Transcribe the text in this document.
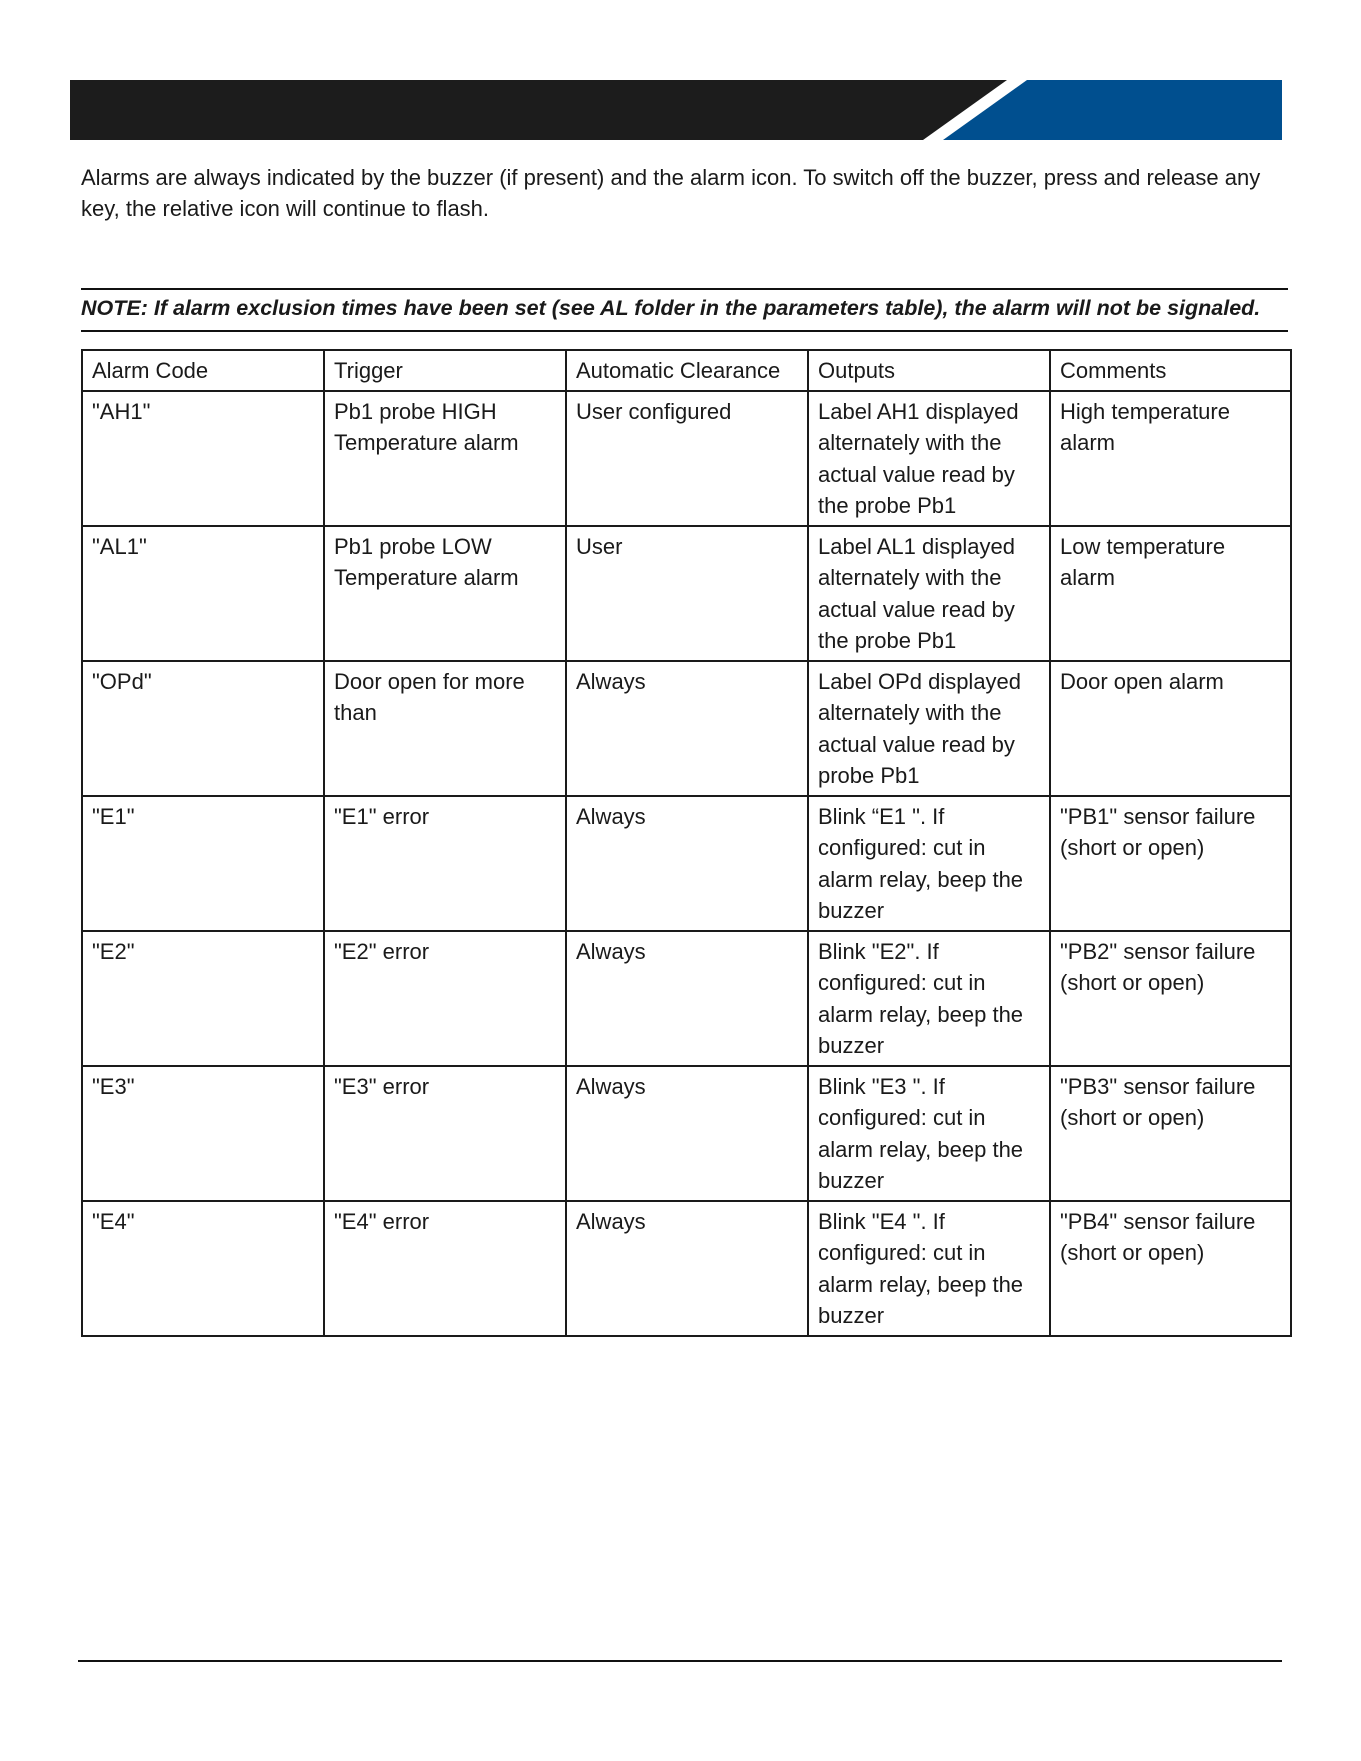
Alarms are always indicated by the buzzer (if present) and the alarm icon. To switch off the buzzer, press and release any key, the relative icon will continue to flash.
NOTE: If alarm exclusion times have been set (see AL folder in the parameters table), the alarm will not be signaled.
Alarm Code	Trigger	Automatic Clearance	Outputs	Comments
"AH1"	Pb1 probe HIGH Temperature alarm	User configured	Label AH1 displayed alternately with the actual value read by the probe Pb1	High temperature alarm
"AL1"	Pb1 probe LOW Temperature alarm	User	Label AL1 displayed alternately with the actual value read by the probe Pb1	Low temperature alarm
"OPd"	Door open for more than	Always	Label OPd displayed alternately with the actual value read by probe Pb1	Door open alarm
"E1"	"E1" error	Always	Blink “E1 ". If configured: cut in alarm relay, beep the buzzer	"PB1" sensor failure (short or open)
"E2"	"E2" error	Always	Blink "E2". If configured: cut in alarm relay, beep the buzzer	"PB2" sensor failure (short or open)
"E3"	"E3" error	Always	Blink "E3 ". If configured: cut in alarm relay, beep the buzzer	"PB3" sensor failure (short or open)
"E4"	"E4" error	Always	Blink "E4 ". If configured: cut in alarm relay, beep the buzzer	"PB4" sensor failure (short or open)
